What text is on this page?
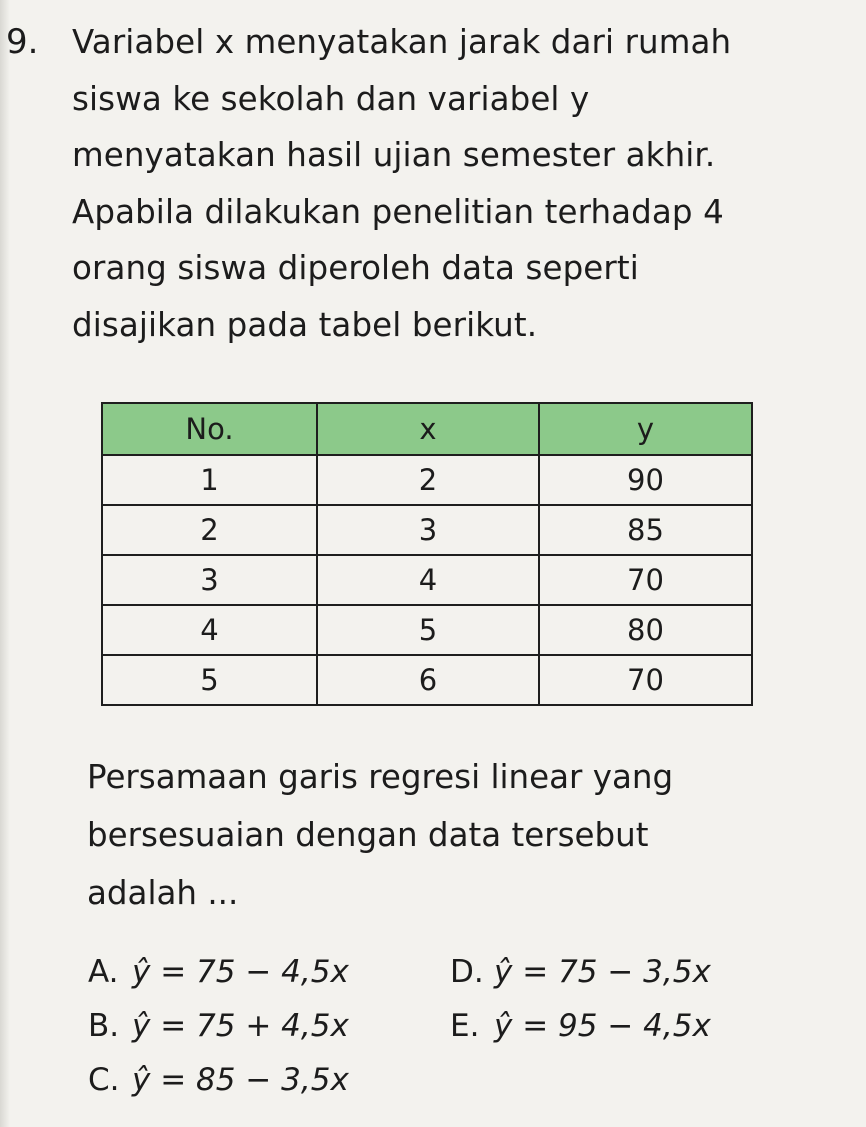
9. Variabel x menyatakan jarak dari rumah
siswa ke sekolah dan variabel y
menyatakan hasil ujian semester akhir.
Apabila dilakukan penelitian terhadap 4
orang siswa diperoleh data seperti
disajikan pada tabel berikut.
No.	x	y
1	2	90
2	3	85
3	4	70
4	5	80
5	6	70
Persamaan garis regresi linear yang
bersesuaian dengan data tersebut
adalah ...
A. ŷ = 75 − 4,5x
B. ŷ = 75 + 4,5x
C. ŷ = 85 − 3,5x
D. ŷ = 75 − 3,5x
E. ŷ = 95 − 4,5x
